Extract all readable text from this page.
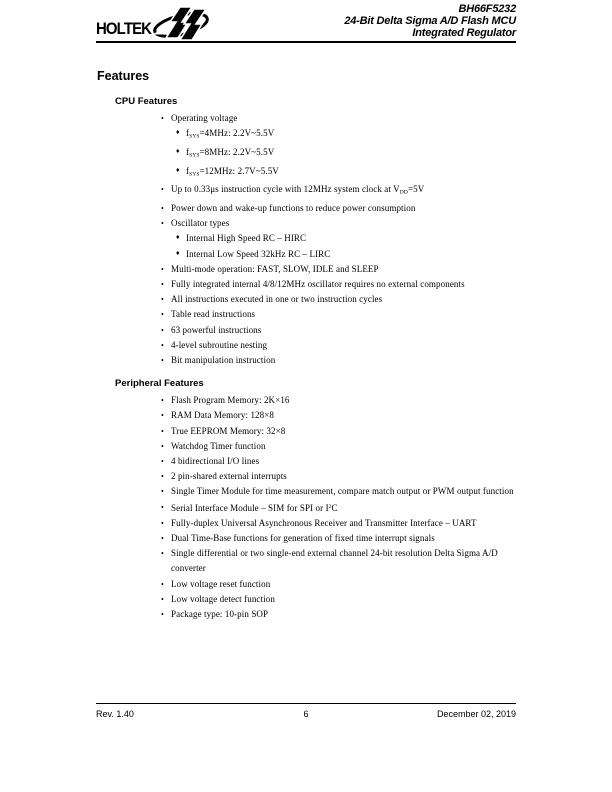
HOLTEK
BH66F5232
24-Bit Delta Sigma A/D Flash MCU
Integrated Regulator
Features
CPU Features
• Operating voltage
♦ $f_{SYS}=4MHz$: 2.2V~5.5V
♦ $f_{SYS}=8MHz$: 2.2V~5.5V
♦ $f_{SYS}=12MHz$: 2.7V~5.5V
• Up to 0.33μs instruction cycle with 12MHz system clock at $V_{DD}=5V$
• Power down and wake-up functions to reduce power consumption
• Oscillator types
♦ Internal High Speed RC – HIRC
♦ Internal Low Speed 32kHz RC – LIRC
• Multi-mode operation: FAST, SLOW, IDLE and SLEEP
• Fully integrated internal 4/8/12MHz oscillator requires no external components
• All instructions executed in one or two instruction cycles
• Table read instructions
• 63 powerful instructions
• 4-level subroutine nesting
• Bit manipulation instruction
Peripheral Features
• Flash Program Memory: 2K×16
• RAM Data Memory: 128×8
• True EEPROM Memory: 32×8
• Watchdog Timer function
• 4 bidirectional I/O lines
• 2 pin-shared external interrupts
• Single Timer Module for time measurement, compare match output or PWM output function
• Serial Interface Module – SIM for SPI or $I^2C$
• Fully-duplex Universal Asynchronous Receiver and Transmitter Interface – UART
• Dual Time-Base functions for generation of fixed time interrupt signals
• Single differential or two single-end external channel 24-bit resolution Delta Sigma A/D converter
• Low voltage reset function
• Low voltage detect function
• Package type: 10-pin SOP
Rev. 1.40	6	December 02, 2019
